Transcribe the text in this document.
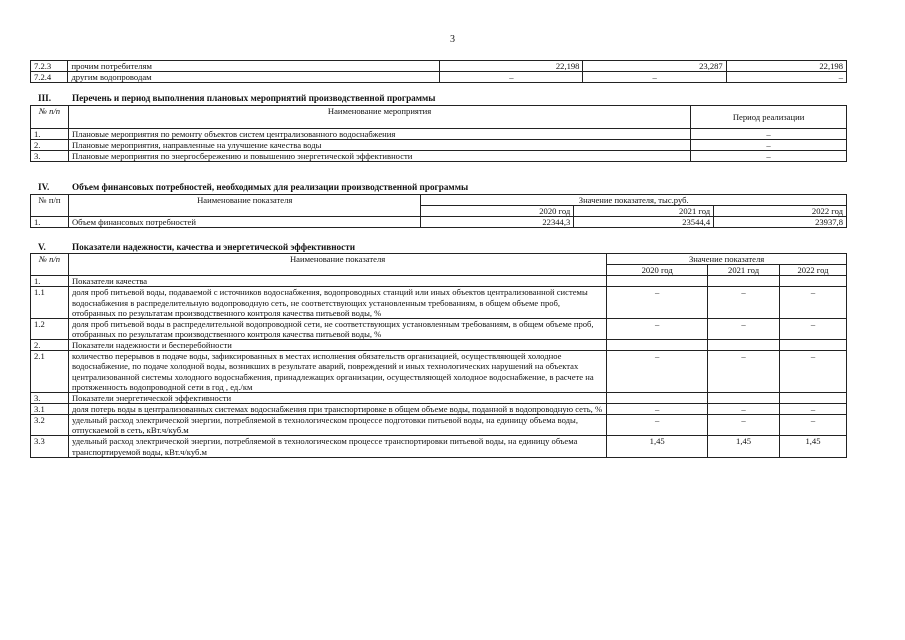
3
7.2.3	прочим потребителям	22,198	23,287	22,198
7.2.4	другим водопроводам	–	–	–
III. Перечень и период выполнения плановых мероприятий производственной программы
№ п/п	Наименование мероприятия	Период реализации
1.	Плановые мероприятия по ремонту объектов систем централизованного водоснабжения	–
2.	Плановые мероприятия, направленные на улучшение качества воды	–
3.	Плановые мероприятия по энергосбережению и повышению энергетической эффективности	–
IV. Объем финансовых потребностей, необходимых для реализации производственной программы
№ п/п	Наименование показателя	Значение показателя, тыс.руб.		
		2020 год	2021 год	2022 год
1.	Объем финансовых потребностей	22344,3	23544,4	23937,8
V.	Показатели надежности, качества и энергетической эффективности
№ п/п	Наименование показателя	Значение показателя		
		2020 год	2021 год	2022 год
1.	Показатели качества			
1.1	доля проб питьевой воды, подаваемой с источников водоснабжения, водопроводных станций или иных объектов централизованной системы водоснабжения в распределительную водопроводную сеть, не соответствующих установленным требованиям, в общем объеме проб, отобранных по результатам производственного контроля качества питьевой воды, %	–	–	–
1.2	доля проб питьевой воды в распределительной водопроводной сети, не соответствующих установленным требованиям, в общем объеме проб, отобранных по результатам производственного контроля качества питьевой воды, %	–	–	–
2.	Показатели надежности и бесперебойности			
2.1	количество перерывов в подаче воды, зафиксированных в местах исполнения обязательств организацией, осуществляющей холодное водоснабжение, по подаче холодной воды, возникших в результате аварий, повреждений и иных технологических нарушений на объектах централизованной системы холодного водоснабжения, принадлежащих организации, осуществляющей холодное водоснабжение, в расчете на протяженность водопроводной сети в год , ед./км	–	–	–
3.	Показатели энергетической эффективности			
3.1	доля потерь воды в централизованных системах водоснабжения при транспортировке в общем объеме воды, поданной в водопроводную сеть, %	–	–	–
3.2	удельный расход электрической энергии, потребляемой в технологическом процессе подготовки питьевой воды, на единицу объема воды, отпускаемой в сеть, кВт.ч/куб.м	–	–	–
3.3	удельный расход электрической энергии, потребляемой в технологическом процессе транспортировки питьевой воды, на единицу объема транспортируемой воды, кВт.ч/куб.м	1,45	1,45	1,45
